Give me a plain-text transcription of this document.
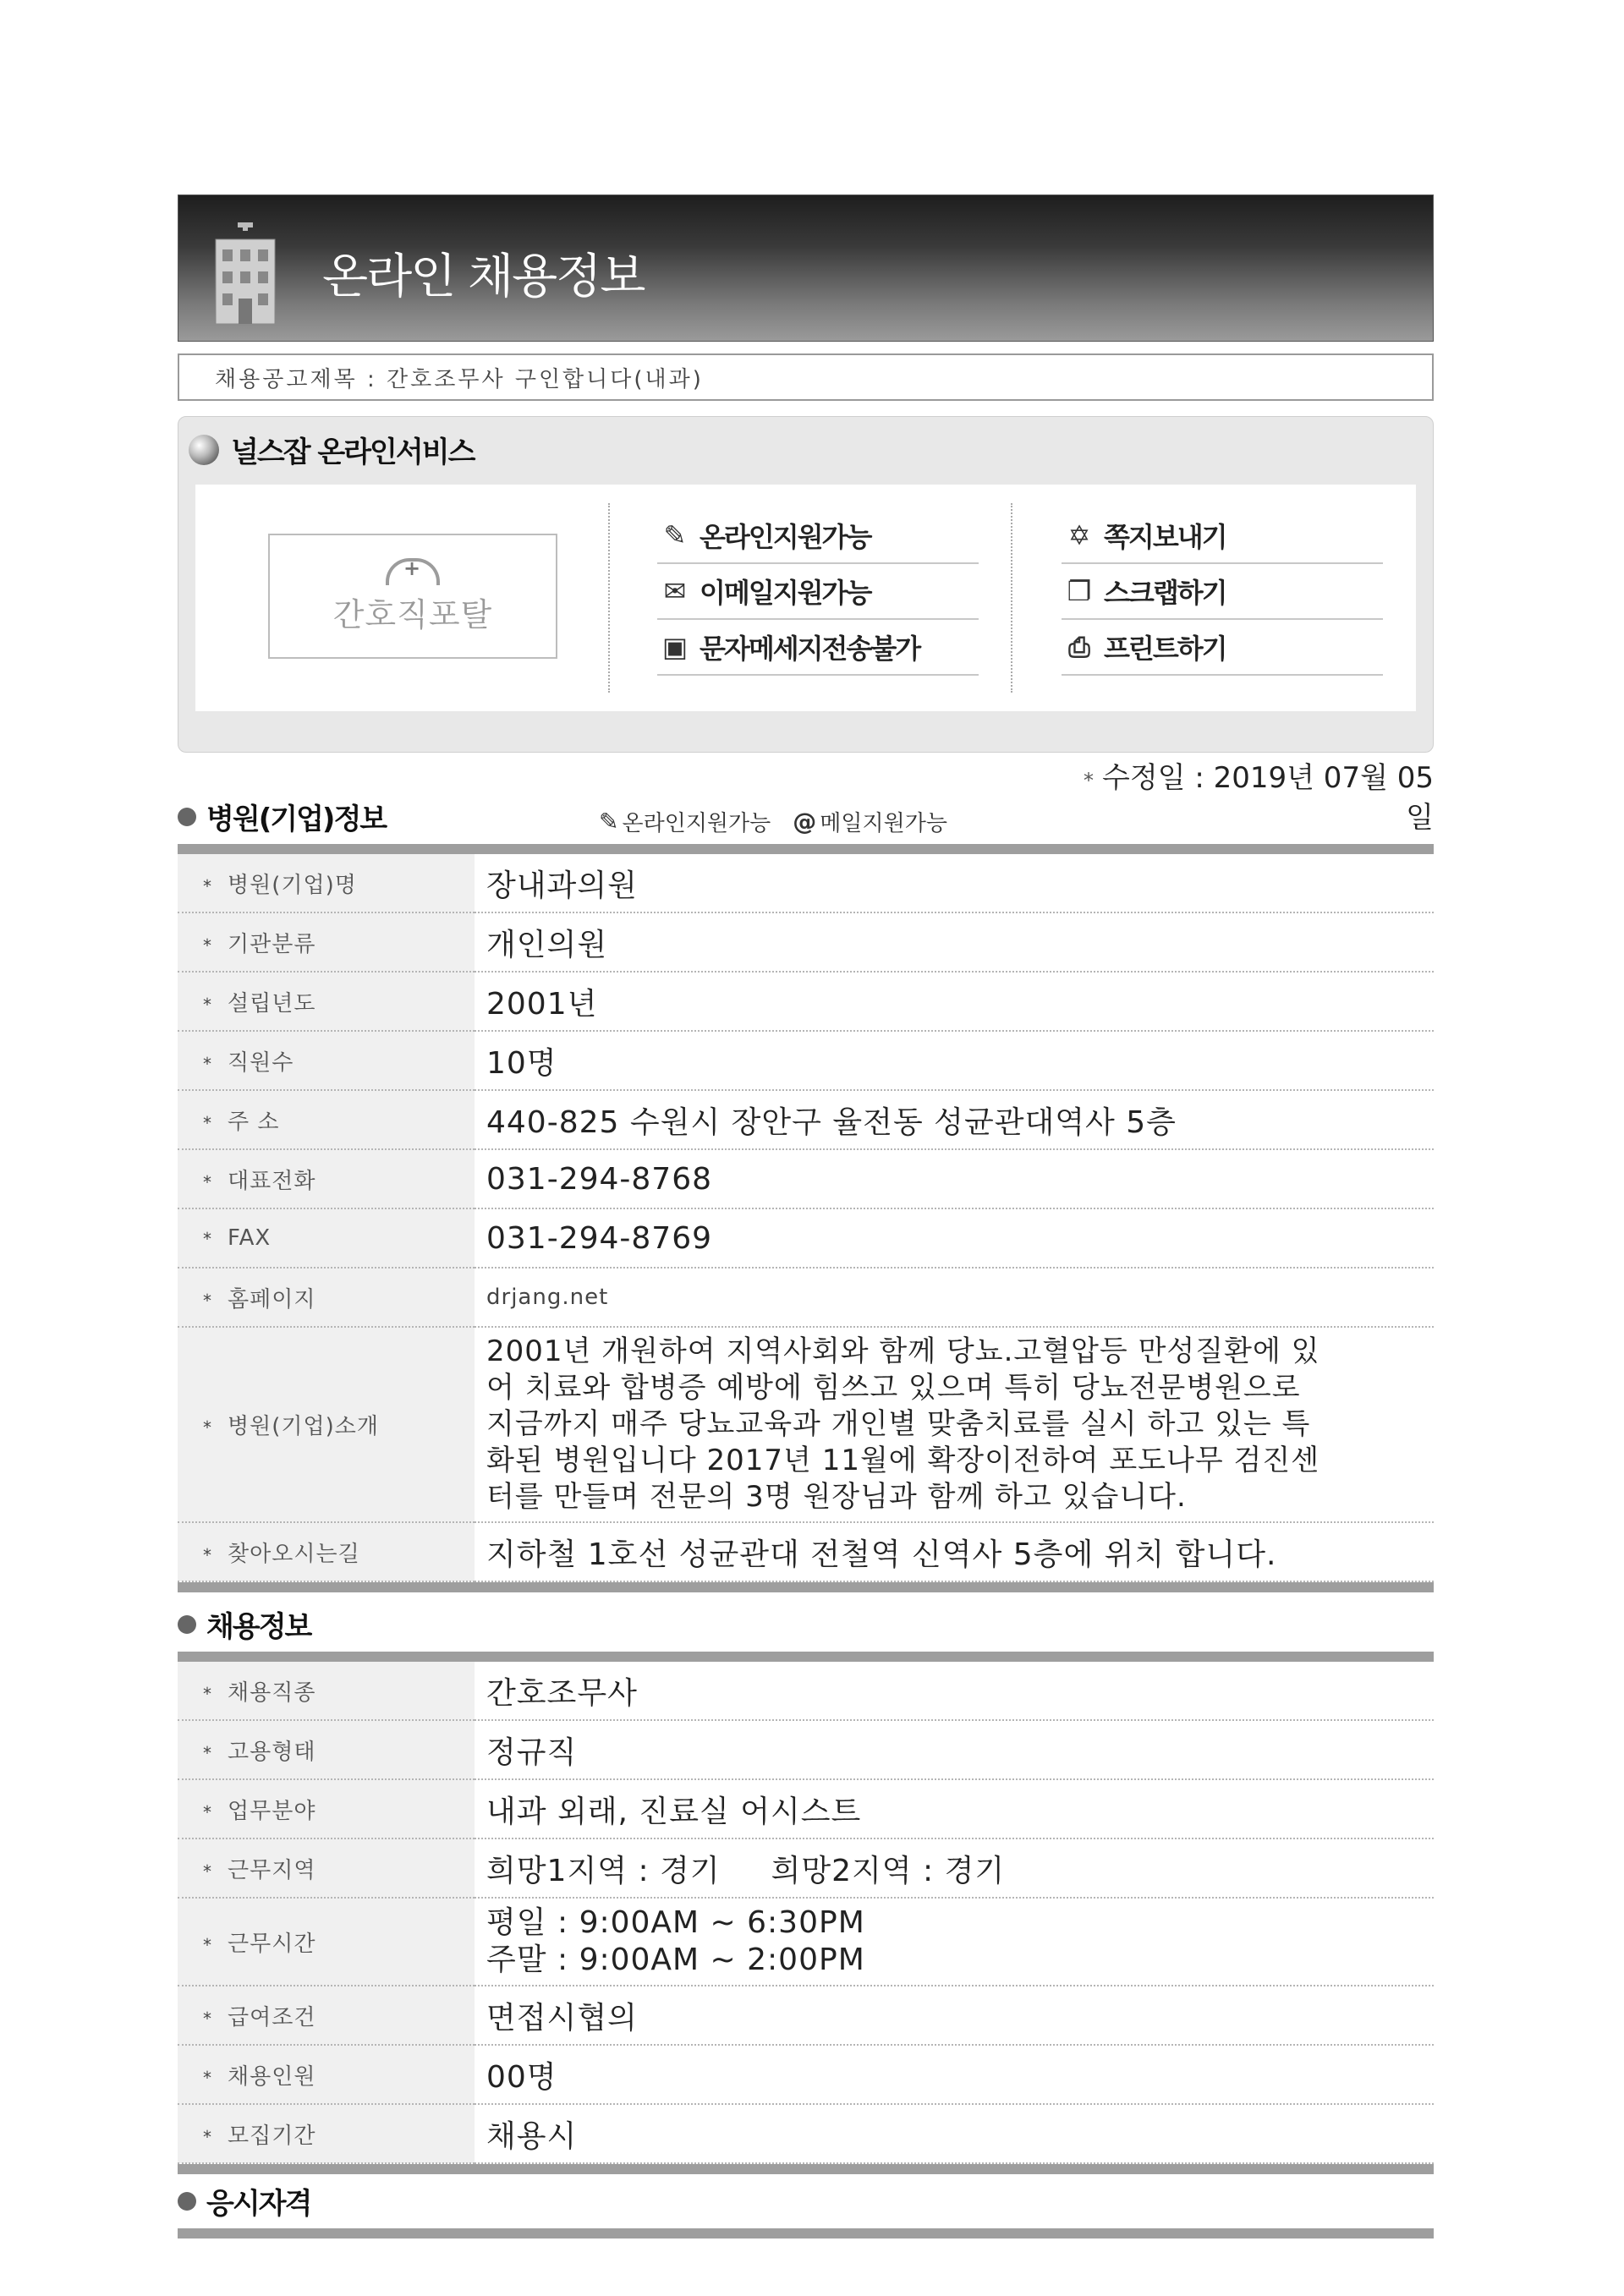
온라인 채용정보
채용공고제목 : 간호조무사 구인합니다(내과)
널스잡 온라인서비스
+
간호직포탈
✎ 온라인지원가능
✉ 이메일지원가능
▣ 문자메세지전송불가
✡ 쪽지보내기
❐ 스크랩하기
⎙ 프린트하기
병원(기업)정보	✎ 온라인지원가능 @ 메일지원가능
* 수정일 : 2019년 07월 05
일
* 병원(기업)명	장내과의원
* 기관분류	개인의원
* 설립년도	2001년
* 직원수	10명
* 주 소	440-825 수원시 장안구 율전동 성균관대역사 5층
* 대표전화	031-294-8768
* FAX	031-294-8769
* 홈페이지	drjang.net
* 병원(기업)소개	2001년 개원하여 지역사회와 함께 당뇨.고혈압등 만성질환에 있
어 치료와 합병증 예방에 힘쓰고 있으며 특히 당뇨전문병원으로
지금까지 매주 당뇨교육과 개인별 맞춤치료를 실시 하고 있는 특
화된 병원입니다 2017년 11월에 확장이전하여 포도나무 검진센
터를 만들며 전문의 3명 원장님과 함께 하고 있습니다.

* 찾아오시는길	지하철 1호선 성균관대 전철역 신역사 5층에 위치 합니다.
채용정보
* 채용직종	간호조무사
* 고용형태	정규직
* 업무분야	내과 외래, 진료실 어시스트
* 근무지역	희망1지역 : 경기 희망2지역 : 경기
* 근무시간	평일 : 9:00AM ~ 6:30PM
주말 : 9:00AM ~ 2:00PM

* 급여조건	면접시협의
* 채용인원	00명
* 모집기간	채용시
응시자격
